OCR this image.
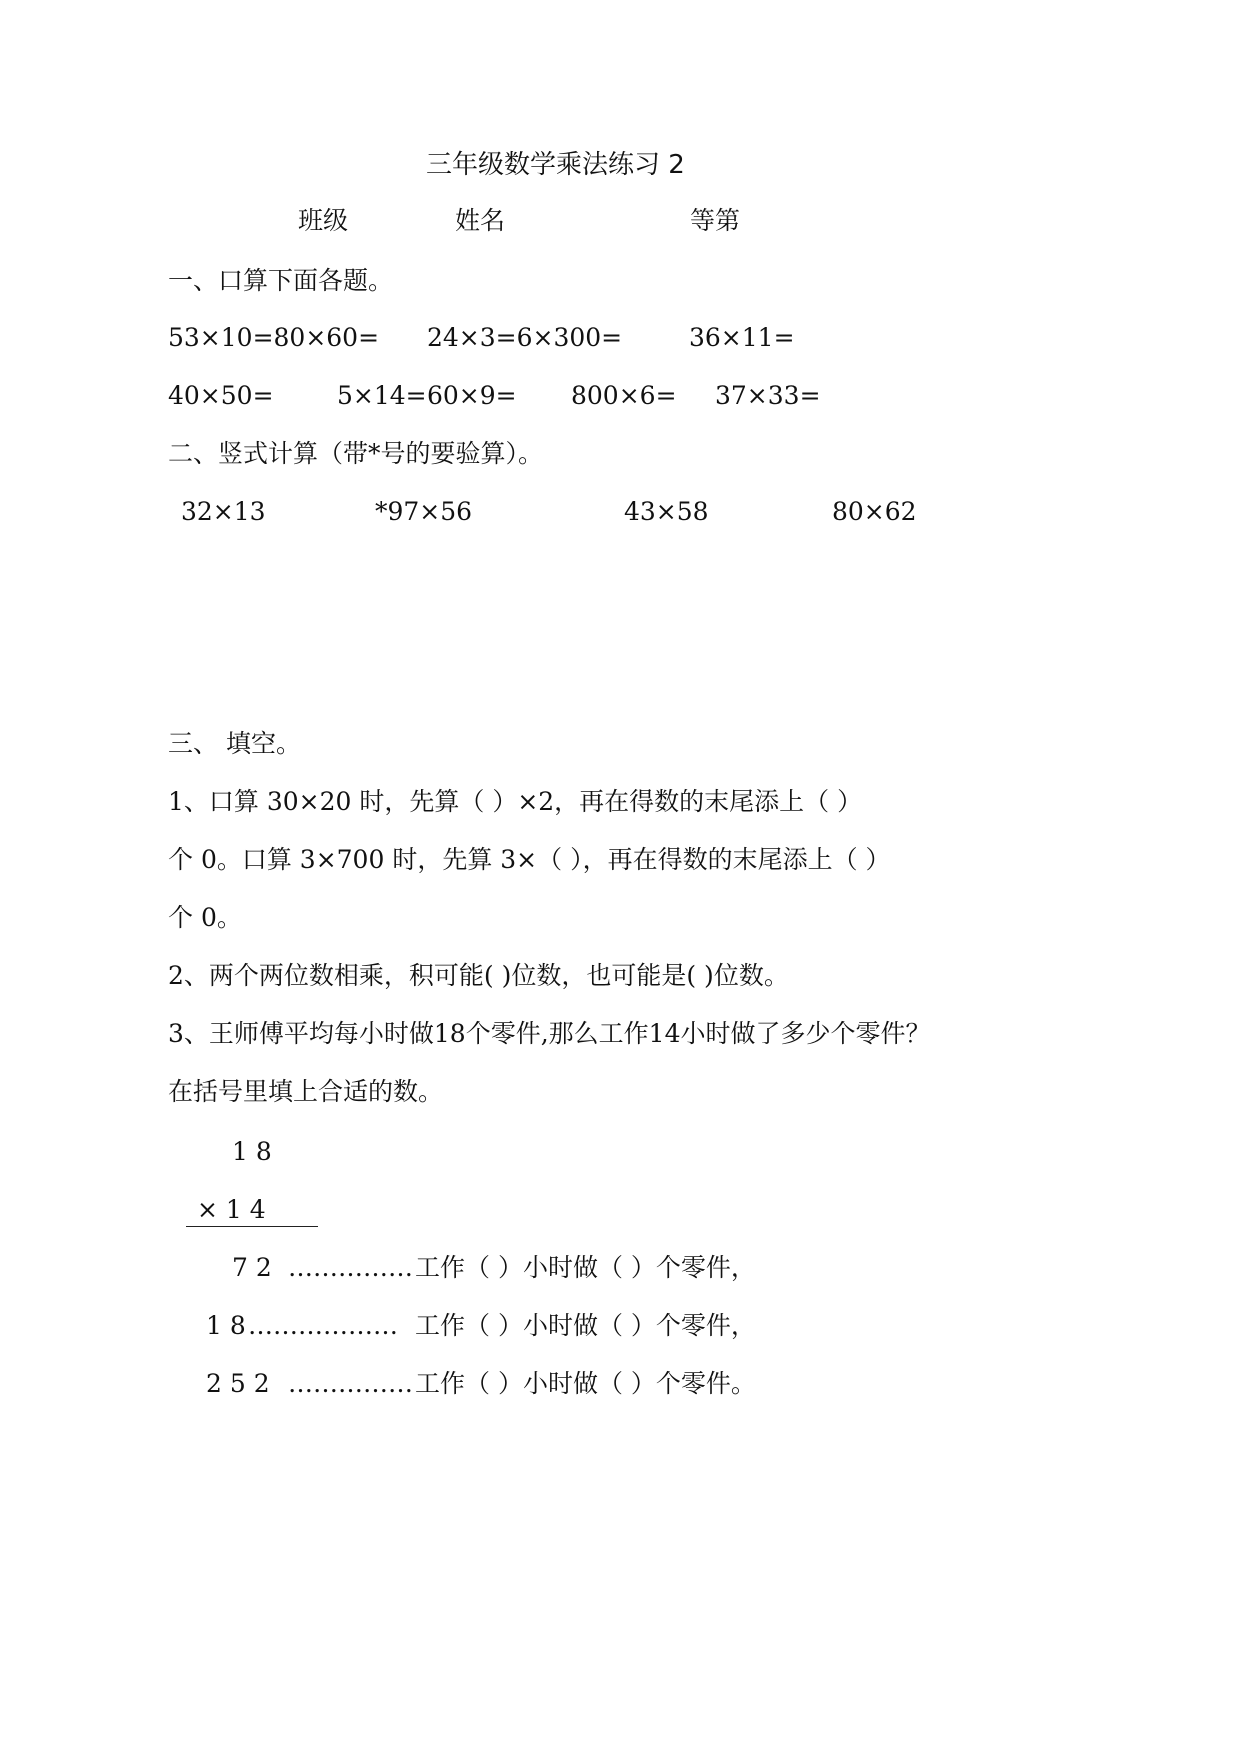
三年级数学乘法练习 2
班级	姓名	等第
一、口算下面各题。
53×10=80×60= 24×3=6×300=	36×11=
40×50=	5×14= 60×9= 800×6= 37×33=
二、竖式计算（带*号的要验算）。
32×13	*97×56	43×58	80×62
三、 填空。
1、口算 30×20 时，先算（ ）×2，再在得数的末尾添上（ ）
个 0。口算 3×700 时，先算 3×（ ），再在得数的末尾添上（ ）
个 0。
2、两个两位数相乘，积可能( )位数，也可能是( )位数。
3、王师傅平均每小时做18个零件,那么工作14小时做了多少个零件？
在括号里填上合适的数。
1 8
× 1 4
7 2 …………… 工作（ ）小时做（ ）个零件，
1 8 ……………… 工作（ ）小时做（ ）个零件，
2 5 2 …………… 工作（ ）小时做（ ）个零件。
